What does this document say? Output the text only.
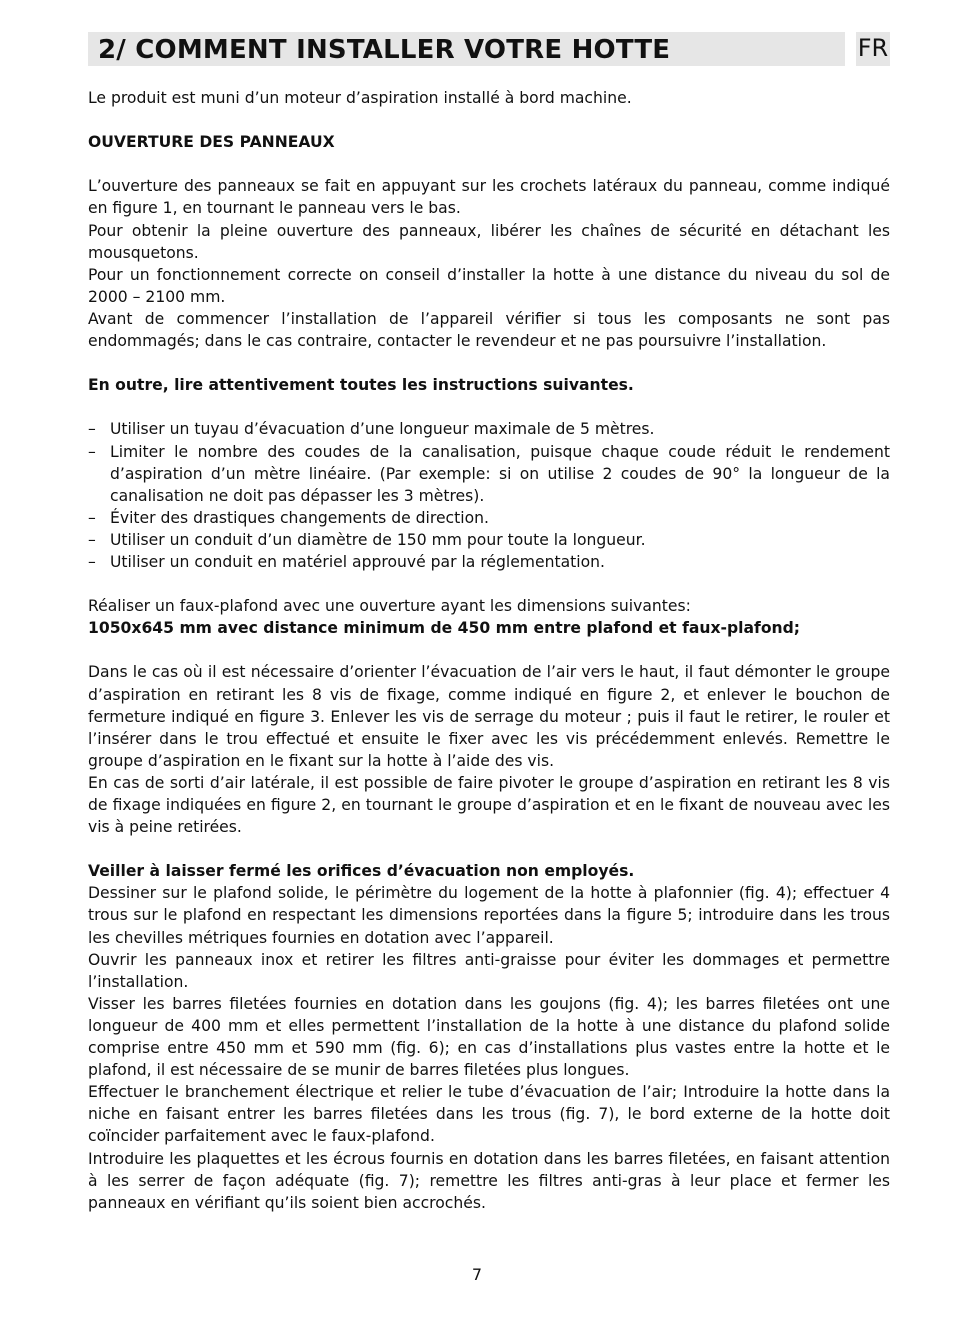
2/ COMMENT INSTALLER VOTRE HOTTE	FR

Le produit est muni d’un moteur d’aspiration installé à bord machine.

OUVERTURE DES PANNEAUX

L’ouverture des panneaux se fait en appuyant sur les crochets latéraux du panneau, comme indiqué en figure 1, en tournant le panneau vers le bas.

Pour obtenir la pleine ouverture des panneaux, libérer les chaînes de sécurité en détachant les mousquetons.

Pour un fonctionnement correcte on conseil d’installer la hotte à une distance du niveau du sol de 2000 – 2100 mm.

Avant de commencer l’installation de l’appareil vérifier si tous les composants ne sont pas endommagés; dans le cas contraire, contacter le revendeur et ne pas poursuivre l’installation.

En outre, lire attentivement toutes les instructions suivantes.

– Utiliser un tuyau d’évacuation d’une longueur maximale de 5 mètres.
– Limiter le nombre des coudes de la canalisation, puisque chaque coude réduit le rendement d’aspiration d’un mètre linéaire. (Par exemple: si on utilise 2 coudes de 90° la longueur de la canalisation ne doit pas dépasser les 3 mètres).
– Éviter des drastiques changements de direction.
– Utiliser un conduit d’un diamètre de 150 mm pour toute la longueur.
– Utiliser un conduit en matériel approuvé par la réglementation.

Réaliser un faux-plafond avec une ouverture ayant les dimensions suivantes:

1050x645 mm avec distance minimum de 450 mm entre plafond et faux-plafond;

Dans le cas où il est nécessaire d’orienter l’évacuation de l’air vers le haut, il faut démonter le groupe d’aspiration en retirant les 8 vis de fixage, comme indiqué en figure 2, et enlever le bouchon de fermeture indiqué en figure 3. Enlever les vis de serrage du moteur ; puis il faut le retirer, le rouler et l’insérer dans le trou effectué et ensuite le fixer avec les vis précédemment enlevés. Remettre le groupe d’aspiration en le fixant sur la hotte à l’aide des vis.

En cas de sorti d’air latérale, il est possible de faire pivoter le groupe d’aspiration en retirant les 8 vis de fixage indiquées en figure 2, en tournant le groupe d’aspiration et en le fixant de nouveau avec les vis à peine retirées.

Veiller à laisser fermé les orifices d’évacuation non employés.

Dessiner sur le plafond solide, le périmètre du logement de la hotte à plafonnier (fig. 4); effectuer 4 trous sur le plafond en respectant les dimensions reportées dans la figure 5; introduire dans les trous les chevilles métriques fournies en dotation avec l’appareil.

Ouvrir les panneaux inox et retirer les filtres anti-graisse pour éviter les dommages et permettre l’installation.

Visser les barres filetées fournies en dotation dans les goujons (fig. 4); les barres filetées ont une longueur de 400 mm et elles permettent l’installation de la hotte à une distance du plafond solide comprise entre 450 mm et 590 mm (fig. 6); en cas d’installations plus vastes entre la hotte et le plafond, il est nécessaire de se munir de barres filetées plus longues.

Effectuer le branchement électrique et relier le tube d’évacuation de l’air; Introduire la hotte dans la niche en faisant entrer les barres filetées dans les trous (fig. 7), le bord externe de la hotte doit coïncider parfaitement avec le faux-plafond.

Introduire les plaquettes et les écrous fournis en dotation dans les barres filetées, en faisant attention à les serrer de façon adéquate (fig. 7); remettre les filtres anti-gras à leur place et fermer les panneaux en vérifiant qu’ils soient bien accrochés.

7
